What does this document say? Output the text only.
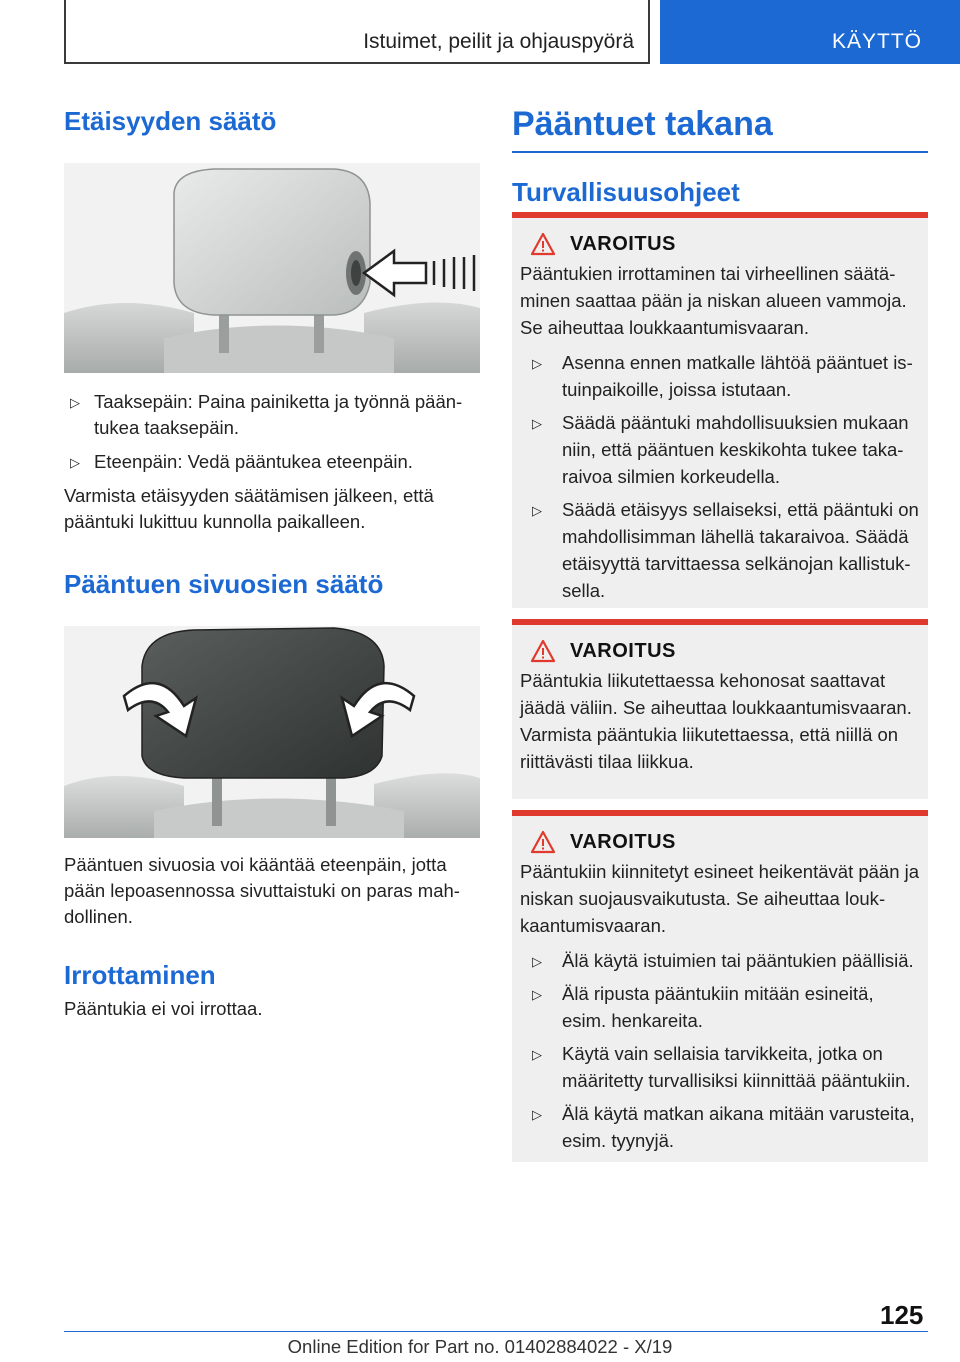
Istuimet, peilit ja ohjauspyörä	KÄYTTÖ
Etäisyyden säätö
▷ Taaksepäin: Paina painiketta ja työnnä pääntukea taaksepäin.
▷ Eteenpäin: Vedä pääntukea eteenpäin.

Varmista etäisyyden säätämisen jälkeen, että pääntuki lukittuu kunnolla paikalleen.

Pääntuen sivuosien säätö

Pääntuen sivuosia voi kääntää eteenpäin, jotta pään lepoasennossa sivuttaistuki on paras mahdollinen.

Irrottaminen

Pääntukia ei voi irrottaa.

Pääntuet takana
Turvallisuusohjeet
VAROITUS

Pääntukien irrottaminen tai virheellinen säätäminen saattaa pään ja niskan alueen vammoja. Se aiheuttaa loukkaantumisvaaran.

▷ Asenna ennen matkalle lähtöä pääntuet istuinpaikoille, joissa istutaan.
▷ Säädä pääntuki mahdollisuuksien mukaan niin, että pääntuen keskikohta tukee takaraivoa silmien korkeudella.
▷ Säädä etäisyys sellaiseksi, että pääntuki on mahdollisimman lähellä takaraivoa. Säädä etäisyyttä tarvittaessa selkänojan kallistuksella.
VAROITUS

Pääntukia liikutettaessa kehonosat saattavat jäädä väliin. Se aiheuttaa loukkaantumisvaaran. Varmista pääntukia liikutettaessa, että niillä on riittävästi tilaa liikkua.

VAROITUS

Pääntukiin kiinnitetyt esineet heikentävät pään ja niskan suojausvaikutusta. Se aiheuttaa loukkaantumisvaaran.

▷ Älä käytä istuimien tai pääntukien päällisiä.
▷ Älä ripusta pääntukiin mitään esineitä, esim. henkareita.
▷ Käytä vain sellaisia tarvikkeita, jotka on määritetty turvallisiksi kiinnittää pääntukiin.
▷ Älä käytä matkan aikana mitään varusteita, esim. tyynyjä.
125
Online Edition for Part no. 01402884022 - X/19
